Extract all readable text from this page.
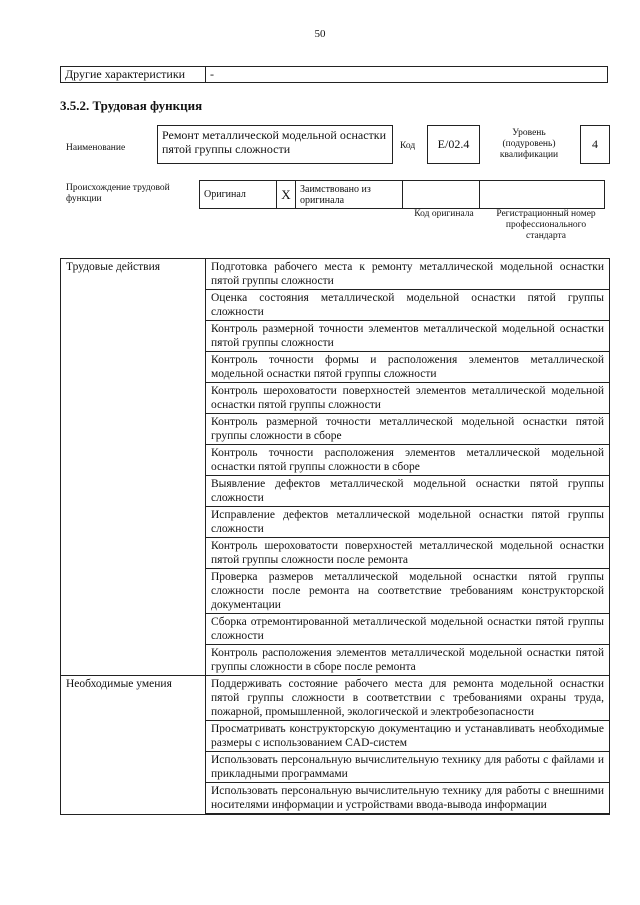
50
Другие характеристики	-
3.5.2. Трудовая функция
Наименование
Ремонт металлической модельной оснастки пятой группы сложности	Код	E/02.4
Уровень (подуровень) квалификации
4
Происхождение трудовой функции	Оригинал	X	Заимствовано из оригинала		
Код оригинала	Регистрационный номер профессионального стандарта
Трудовые действия	Подготовка рабочего места к ремонту металлической модельной оснастки пятой группы сложности
	Оценка состояния металлической модельной оснастки пятой группы сложности
	Контроль размерной точности элементов металлической модельной оснастки пятой группы сложности
	Контроль точности формы и расположения элементов металлической модельной оснастки пятой группы сложности
	Контроль шероховатости поверхностей элементов металлической модельной оснастки пятой группы сложности
	Контроль размерной точности металлической модельной оснастки пятой группы сложности в сборе
	Контроль точности расположения элементов металлической модельной оснастки пятой группы сложности в сборе
	Выявление дефектов металлической модельной оснастки пятой группы сложности
	Исправление дефектов металлической модельной оснастки пятой группы сложности
	Контроль шероховатости поверхностей металлической модельной оснастки пятой группы сложности после ремонта
	Проверка размеров металлической модельной оснастки пятой группы сложности после ремонта на соответствие требованиям конструкторской документации
	Сборка отремонтированной металлической модельной оснастки пятой группы сложности
	Контроль расположения элементов металлической модельной оснастки пятой группы сложности в сборе после ремонта
Необходимые умения	Поддерживать состояние рабочего места для ремонта модельной оснастки пятой группы сложности в соответствии с требованиями охраны труда, пожарной, промышленной, экологической и электробезопасности
	Просматривать конструкторскую документацию и устанавливать необходимые размеры с использованием CAD-систем
	Использовать персональную вычислительную технику для работы с файлами и прикладными программами
	Использовать персональную вычислительную технику для работы с внешними носителями информации и устройствами ввода-вывода информации
